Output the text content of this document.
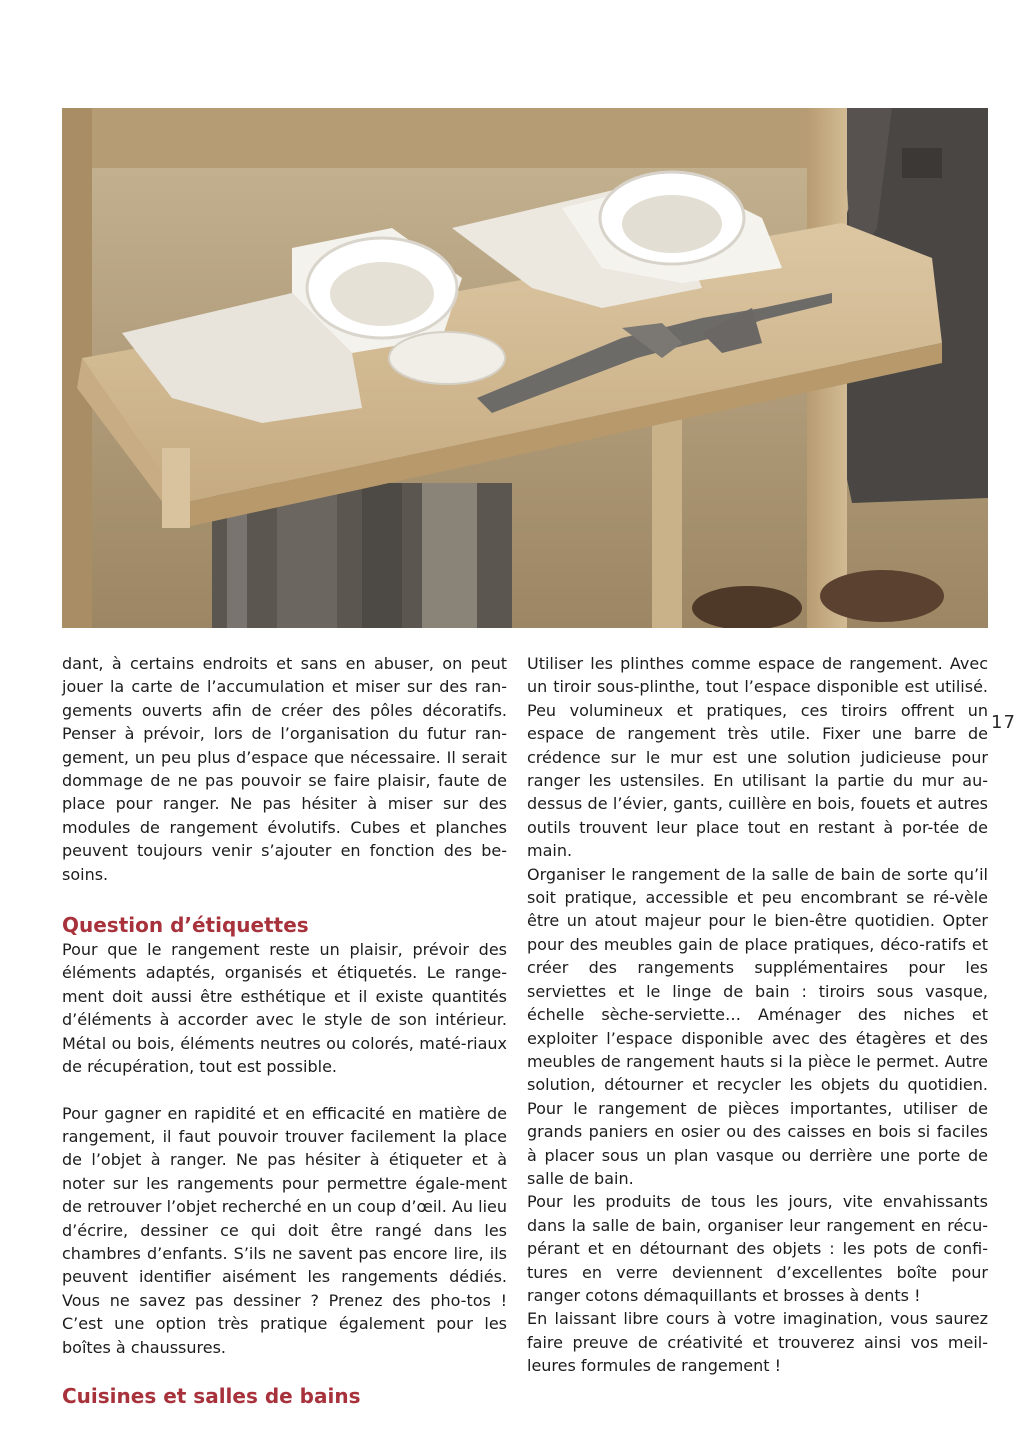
dant, à certains endroits et sans en abuser, on peut jouer la carte de l’accumulation et miser sur des ran-gements ouverts afin de créer des pôles décoratifs. Penser à prévoir, lors de l’organisation du futur ran-gement, un peu plus d’espace que nécessaire. Il serait dommage de ne pas pouvoir se faire plaisir, faute de place pour ranger. Ne pas hésiter à miser sur des modules de rangement évolutifs. Cubes et planches peuvent toujours venir s’ajouter en fonction des be-soins.

Question d’étiquettes

Pour que le rangement reste un plaisir, prévoir des éléments adaptés, organisés et étiquetés. Le range-ment doit aussi être esthétique et il existe quantités d’éléments à accorder avec le style de son intérieur. Métal ou bois, éléments neutres ou colorés, maté-riaux de récupération, tout est possible.

Pour gagner en rapidité et en efficacité en matière de rangement, il faut pouvoir trouver facilement la place de l’objet à ranger. Ne pas hésiter à étiqueter et à noter sur les rangements pour permettre égale-ment de retrouver l’objet recherché en un coup d’œil. Au lieu d’écrire, dessiner ce qui doit être rangé dans les chambres d’enfants. S’ils ne savent pas encore lire, ils peuvent identifier aisément les rangements dédiés. Vous ne savez pas dessiner ? Prenez des pho-tos ! C’est une option très pratique également pour les boîtes à chaussures.

Cuisines et salles de bains

Utiliser les plinthes comme espace de rangement. Avec un tiroir sous-plinthe, tout l’espace disponible est utilisé. Peu volumineux et pratiques, ces tiroirs offrent un espace de rangement très utile. Fixer une barre de crédence sur le mur est une solution judicieuse pour ranger les ustensiles. En utilisant la partie du mur au-dessus de l’évier, gants, cuillère en bois, fouets et autres outils trouvent leur place tout en restant à por-tée de main.

Organiser le rangement de la salle de bain de sorte qu’il soit pratique, accessible et peu encombrant se ré-vèle être un atout majeur pour le bien-être quotidien. Opter pour des meubles gain de place pratiques, déco-ratifs et créer des rangements supplémentaires pour les serviettes et le linge de bain : tiroirs sous vasque, échelle sèche-serviette… Aménager des niches et exploiter l’espace disponible avec des étagères et des meubles de rangement hauts si la pièce le permet. Autre solution, détourner et recycler les objets du quotidien. Pour le rangement de pièces importantes, utiliser de grands paniers en osier ou des caisses en bois si faciles à placer sous un plan vasque ou derrière une porte de salle de bain.

Pour les produits de tous les jours, vite envahissants dans la salle de bain, organiser leur rangement en récu-pérant et en détournant des objets : les pots de confi-tures en verre deviennent d’excellentes boîte pour ranger cotons démaquillants et brosses à dents !

En laissant libre cours à votre imagination, vous saurez faire preuve de créativité et trouverez ainsi vos meil-leures formules de rangement !

17
